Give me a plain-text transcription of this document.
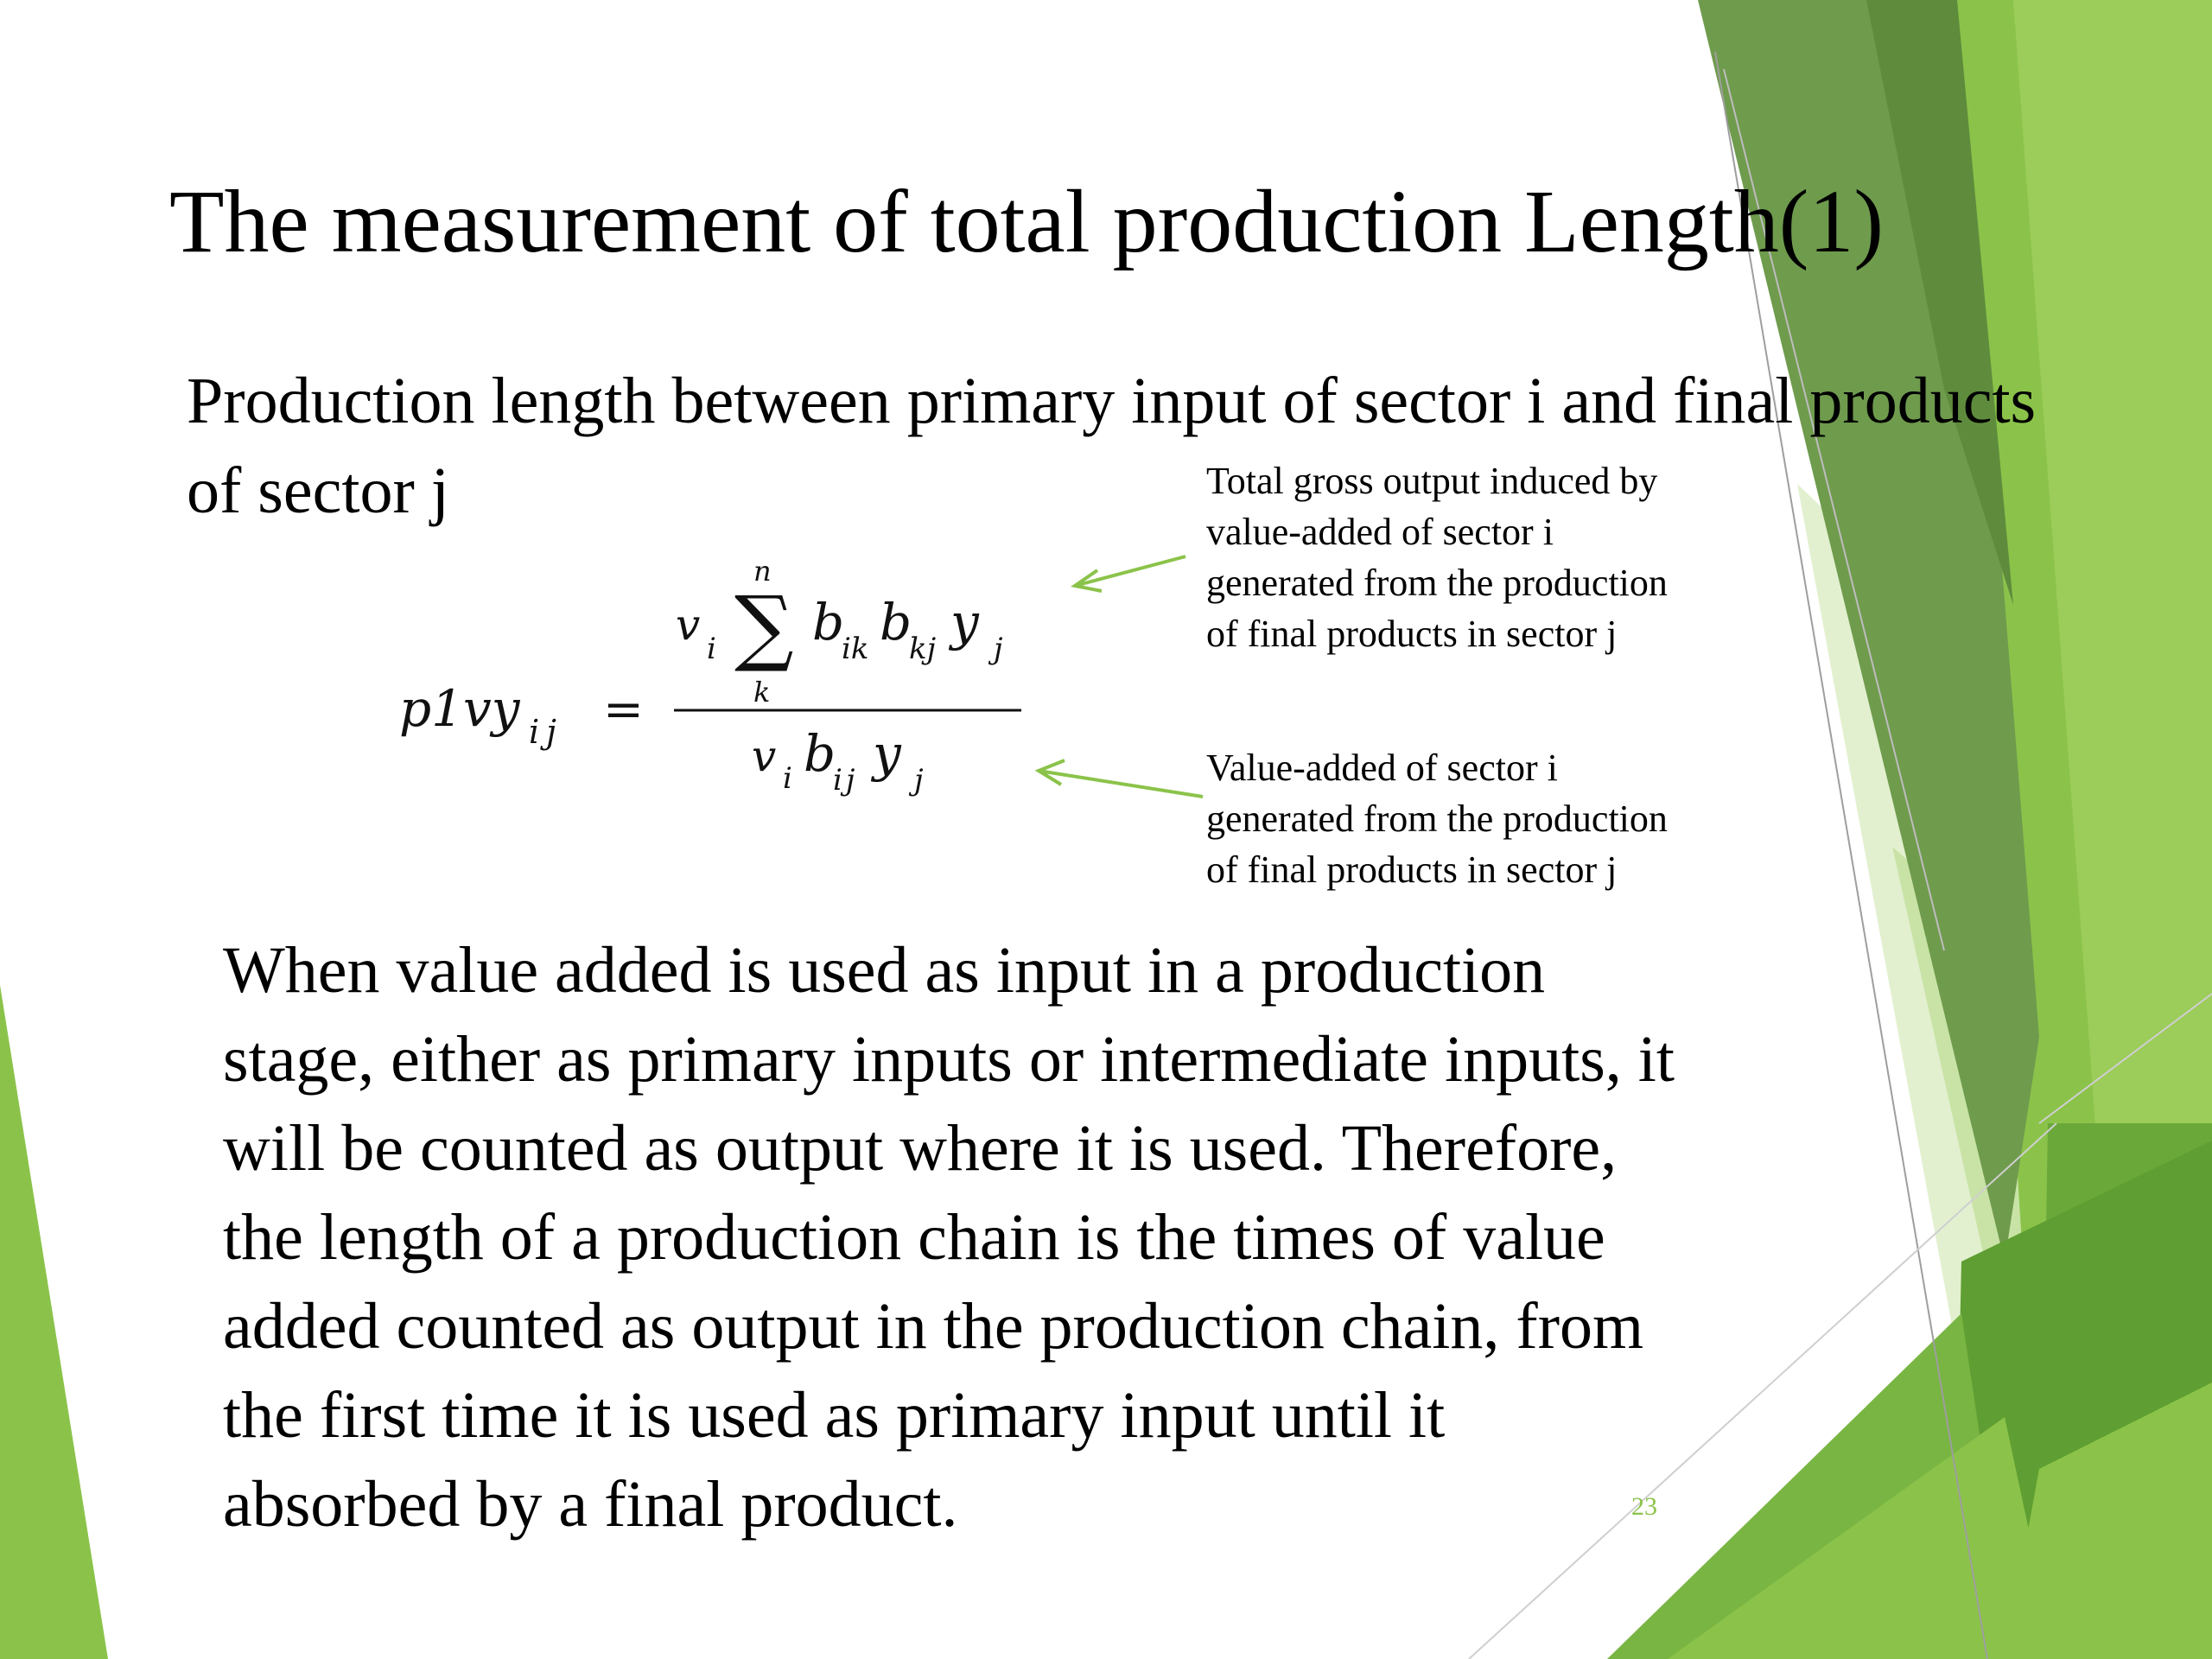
The measurement of total production Length(1)

Production length between primary input of sector i and final products of sector j

p1vy ij =
v i
n
∑
k
b
ik b
kj y j
v i b
ij y j
Total gross output induced by
value-added of sector i
generated from the production
of final products in sector j
Value-added of sector i
generated from the production
of final products in sector j

When value added is used as input in a production
stage, either as primary inputs or intermediate inputs, it
will be counted as output where it is used. Therefore,
the length of a production chain is the times of value
added counted as output in the production chain, from
the first time it is used as primary input until it
absorbed by a final product.	23
